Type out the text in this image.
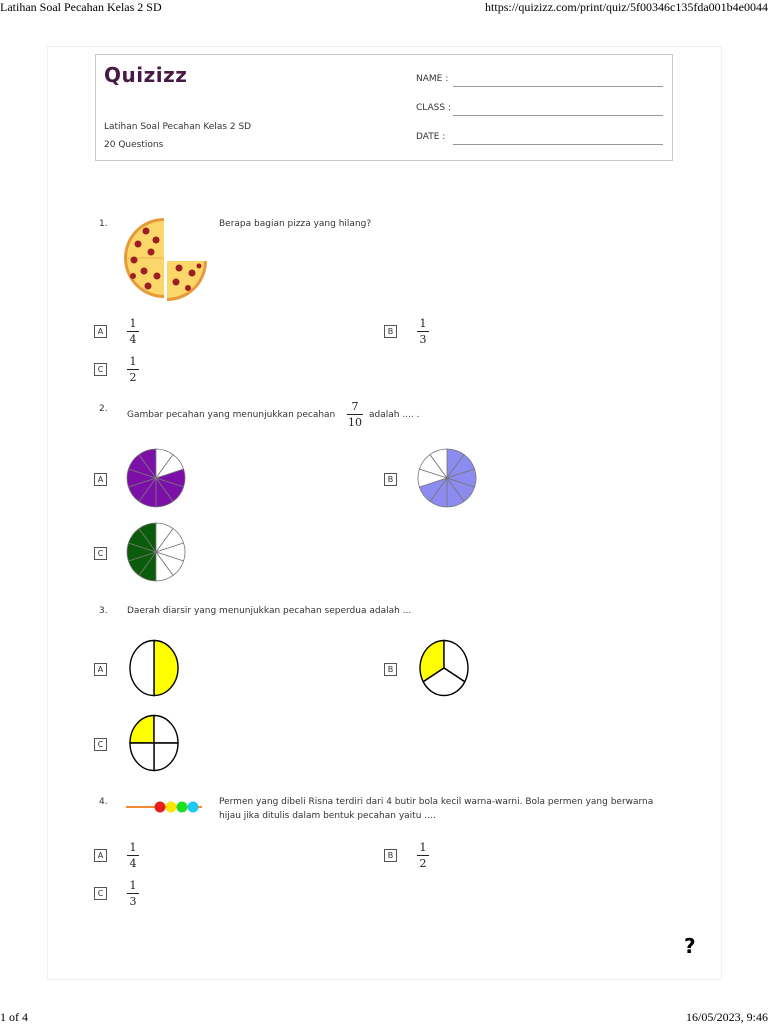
Latihan Soal Pecahan Kelas 2 SD	https://quizizz.com/print/quiz/5f00346c135fda001b4e0044
1 of 4	16/05/2023, 9:46
Quizizz
Latihan Soal Pecahan Kelas 2 SD
20 Questions
NAME :
CLASS :
DATE :
1.	Berapa bagian pizza yang hilang?
A	$\frac{1}{4}$	B	$\frac{1}{3}$
C	$\frac{1}{2}$
2.
Gambar pecahan yang menunjukkan pecahan $\frac{7}{10}$ adalah .... .
A	B
C
3. Daerah diarsir yang menunjukkan pecahan seperdua adalah ...
A	B
C
4.	Permen yang dibeli Risna terdiri dari 4 butir bola kecil warna-warni. Bola permen yang berwarna
hijau jika ditulis dalam bentuk pecahan yaitu ....
A	$\frac{1}{4}$	B	$\frac{1}{2}$
C	$\frac{1}{3}$
?
